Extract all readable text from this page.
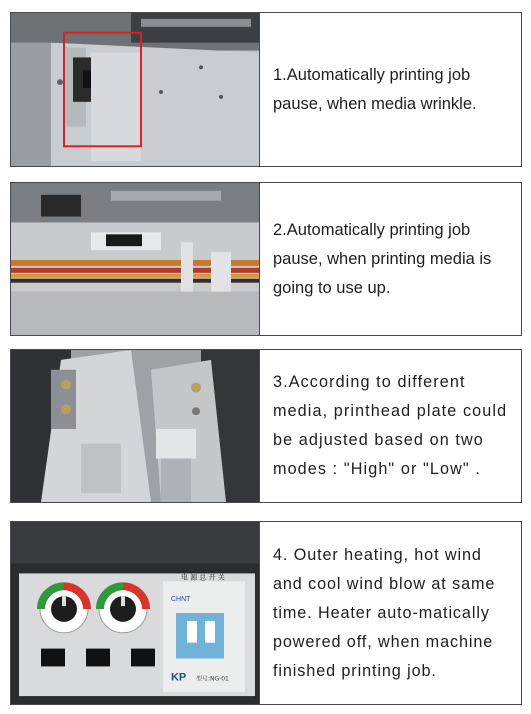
1.Automatically printing job pause, when media wrinkle.

2.Automatically printing job pause, when printing media is going to use up.

3.According to different media, printhead plate could be adjusted based on two modes : "High" or "Low" .

CHNT
电 源 总 开 关
KP 型号:NG-01

4. Outer heating, hot wind and cool wind blow at same time. Heater auto-matically powered off, when machine finished printing job.
